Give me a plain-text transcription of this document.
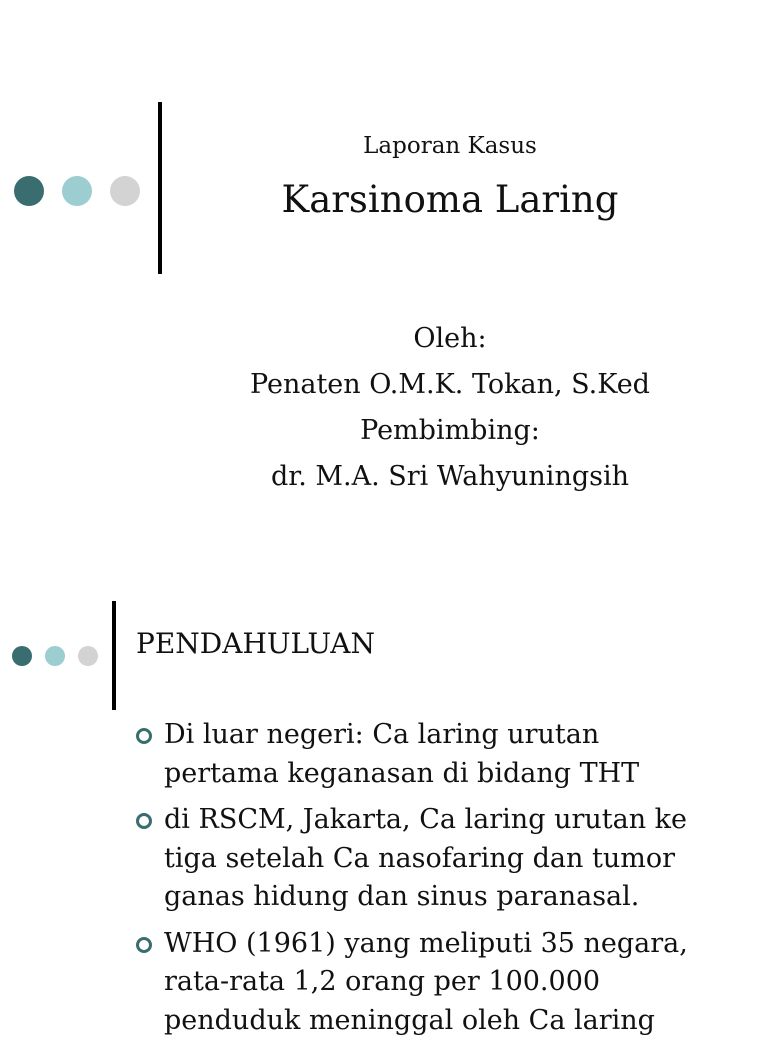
Laporan Kasus
Karsinoma Laring
Oleh:
Penaten O.M.K. Tokan, S.Ked
Pembimbing:
dr. M.A. Sri Wahyuningsih
PENDAHULUAN
Di luar negeri: Ca laring urutan
pertama keganasan di bidang THT
di RSCM, Jakarta, Ca laring urutan ke
tiga setelah Ca nasofaring dan tumor
ganas hidung dan sinus paranasal.
WHO (1961) yang meliputi 35 negara,
rata-rata 1,2 orang per 100.000
penduduk meninggal oleh Ca laring
